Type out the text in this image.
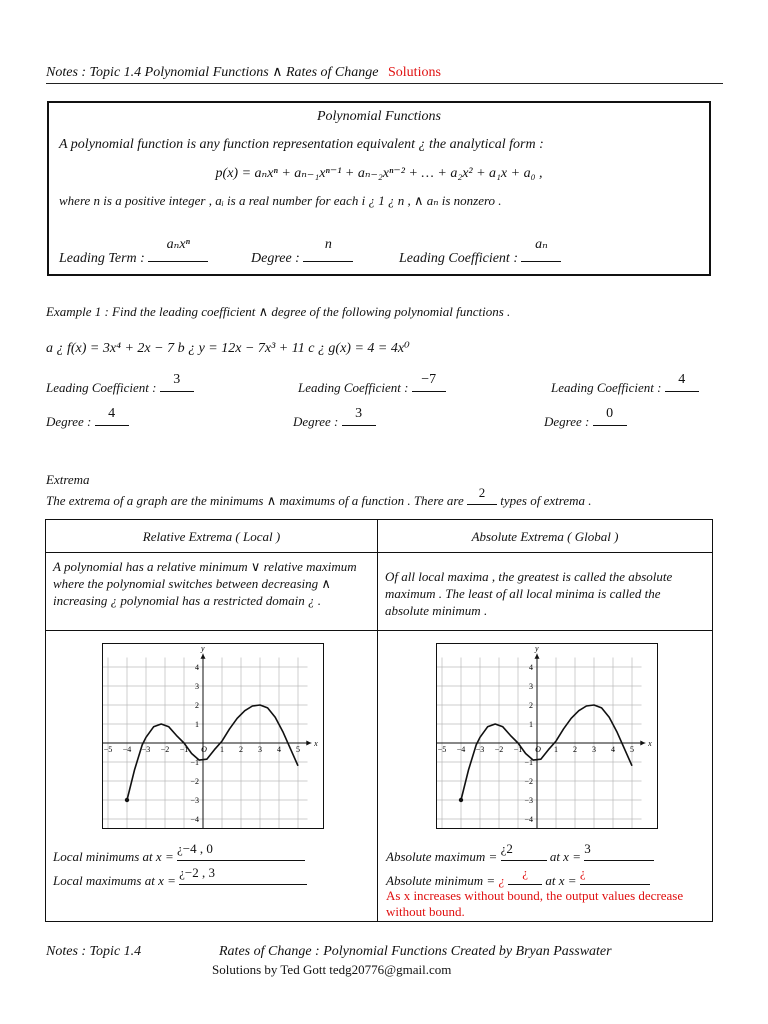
Notes : Topic 1.4 Polynomial Functions ∧ Rates of Change Solutions
Polynomial Functions
A polynomial function is any function representation equivalent ¿ the analytical form :
p(x) = aₙxⁿ + aₙ₋₁xⁿ⁻¹ + aₙ₋₂xⁿ⁻² + … + a₂x² + a₁x + a₀ ,
where n is a positive integer , aᵢ is a real number for each i ¿ 1 ¿ n , ∧ aₙ is nonzero .
Leading Term :
aₙxⁿ
Degree :
n
Leading Coefficient :
aₙ
Example 1 : Find the leading coefficient ∧ degree of the following polynomial functions .
a ¿ f(x) = 3x⁴ + 2x − 7 b ¿ y = 12x − 7x³ + 11 c ¿ g(x) = 4 = 4x⁰
Leading Coefficient :
3
Leading Coefficient :
−7
Leading Coefficient :
4
Degree :
4
Degree :
3
Degree :
0
Extrema
The extrema of a graph are the minimums ∧ maximums of a function . There are
2
types of extrema .
Relative Extrema ( Local )	Absolute Extrema ( Global )
A polynomial has a relative minimum ∨ relative maximum where the polynomial switches between decreasing ∧ increasing ¿ polynomial has a restricted domain ¿ .
Of all local maxima , the greatest is called the absolute maximum . The least of all local minima is called the absolute minimum .
x
y
−5 −4 −3 −2 −1 O 1 2 3 4 5
4
3
2
1
−1
−2
−3
−4
x
y
−5 −4 −3 −2 −1 O 1 2 3 4 5
4
3
2
1
−1
−2
−3
−4
Local minimums at x =
¿−4 , 0
Local maximums at x =
¿−2 , 3
Absolute maximum =
¿2
at x =
3
Absolute minimum = ¿
¿
at x =
¿
As x increases without bound, the output values decrease without bound.
Notes : Topic 1.4	Rates of Change : Polynomial Functions Created by Bryan Passwater
Solutions by Ted Gott tedg20776@gmail.com
